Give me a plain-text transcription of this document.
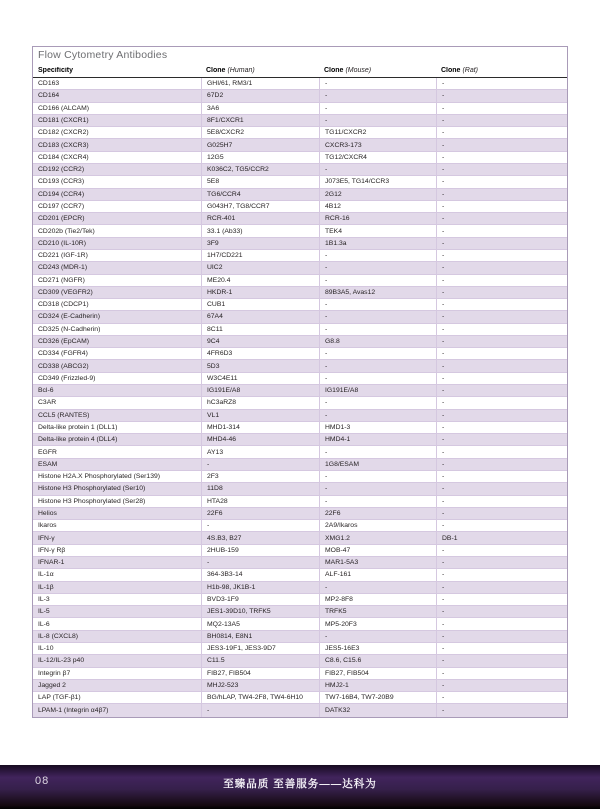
Flow Cytometry Antibodies
Specificity	Clone (Human)	Clone (Mouse)	Clone (Rat)
CD163	GHI/61, RM3/1	-	-
CD164	67D2	-	-
CD166 (ALCAM)	3A6	-	-
CD181 (CXCR1)	8F1/CXCR1	-	-
CD182 (CXCR2)	5E8/CXCR2	TG11/CXCR2	-
CD183 (CXCR3)	G025H7	CXCR3-173	-
CD184 (CXCR4)	12G5	TG12/CXCR4	-
CD192 (CCR2)	K036C2, TG5/CCR2	-	-
CD193 (CCR3)	5E8	J073E5, TG14/CCR3	-
CD194 (CCR4)	TG6/CCR4	2G12	-
CD197 (CCR7)	G043H7, TG8/CCR7	4B12	-
CD201 (EPCR)	RCR-401	RCR-16	-
CD202b (Tie2/Tek)	33.1 (Ab33)	TEK4	-
CD210 (IL-10R)	3F9	1B1.3a	-
CD221 (IGF-1R)	1H7/CD221	-	-
CD243 (MDR-1)	UIC2	-	-
CD271 (NGFR)	ME20.4	-	-
CD309 (VEGFR2)	HKDR-1	89B3A5, Avas12	-
CD318 (CDCP1)	CUB1	-	-
CD324 (E-Cadherin)	67A4	-	-
CD325 (N-Cadherin)	8C11	-	-
CD326 (EpCAM)	9C4	G8.8	-
CD334 (FGFR4)	4FR6D3	-	-
CD338 (ABCG2)	5D3	-	-
CD349 (Frizzled-9)	W3C4E11	-	-
Bcl-6	IG191E/A8	IG191E/A8	-
C3AR	hC3aRZ8	-	-
CCL5 (RANTES)	VL1	-	-
Delta-like protein 1 (DLL1)	MHD1-314	HMD1-3	-
Delta-like protein 4 (DLL4)	MHD4-46	HMD4-1	-
EGFR	AY13	-	-
ESAM	-	1G8/ESAM	-
Histone H2A.X Phosphorylated (Ser139)	2F3	-	-
Histone H3 Phosphorylated (Ser10)	11D8	-	-
Histone H3 Phosphorylated (Ser28)	HTA28	-	-
Helios	22F6	22F6	-
Ikaros	-	2A9/Ikaros	-
IFN-γ	4S.B3, B27	XMG1.2	DB-1
IFN-γ Rβ	2HUB-159	MOB-47	-
IFNAR-1	-	MAR1-5A3	-
IL-1α	364-3B3-14	ALF-161	-
IL-1β	H1b-98, JK1B-1	-	-
IL-3	BVD3-1F9	MP2-8F8	-
IL-5	JES1-39D10, TRFK5	TRFK5	-
IL-6	MQ2-13A5	MP5-20F3	-
IL-8 (CXCL8)	BH0814, E8N1	-	-
IL-10	JES3-19F1, JES3-9D7	JES5-16E3	-
IL-12/IL-23 p40	C11.5	C8.6, C15.6	-
Integrin β7	FIB27, FIB504	FIB27, FIB504	-
Jagged 2	MHJ2-523	HMJ2-1	-
LAP (TGF-β1)	BG/hLAP, TW4-2F8, TW4-6H10	TW7-16B4, TW7-20B9	-
LPAM-1 (Integrin α4β7)	-	DATK32	-
08	至臻品质 至善服务——达科为
